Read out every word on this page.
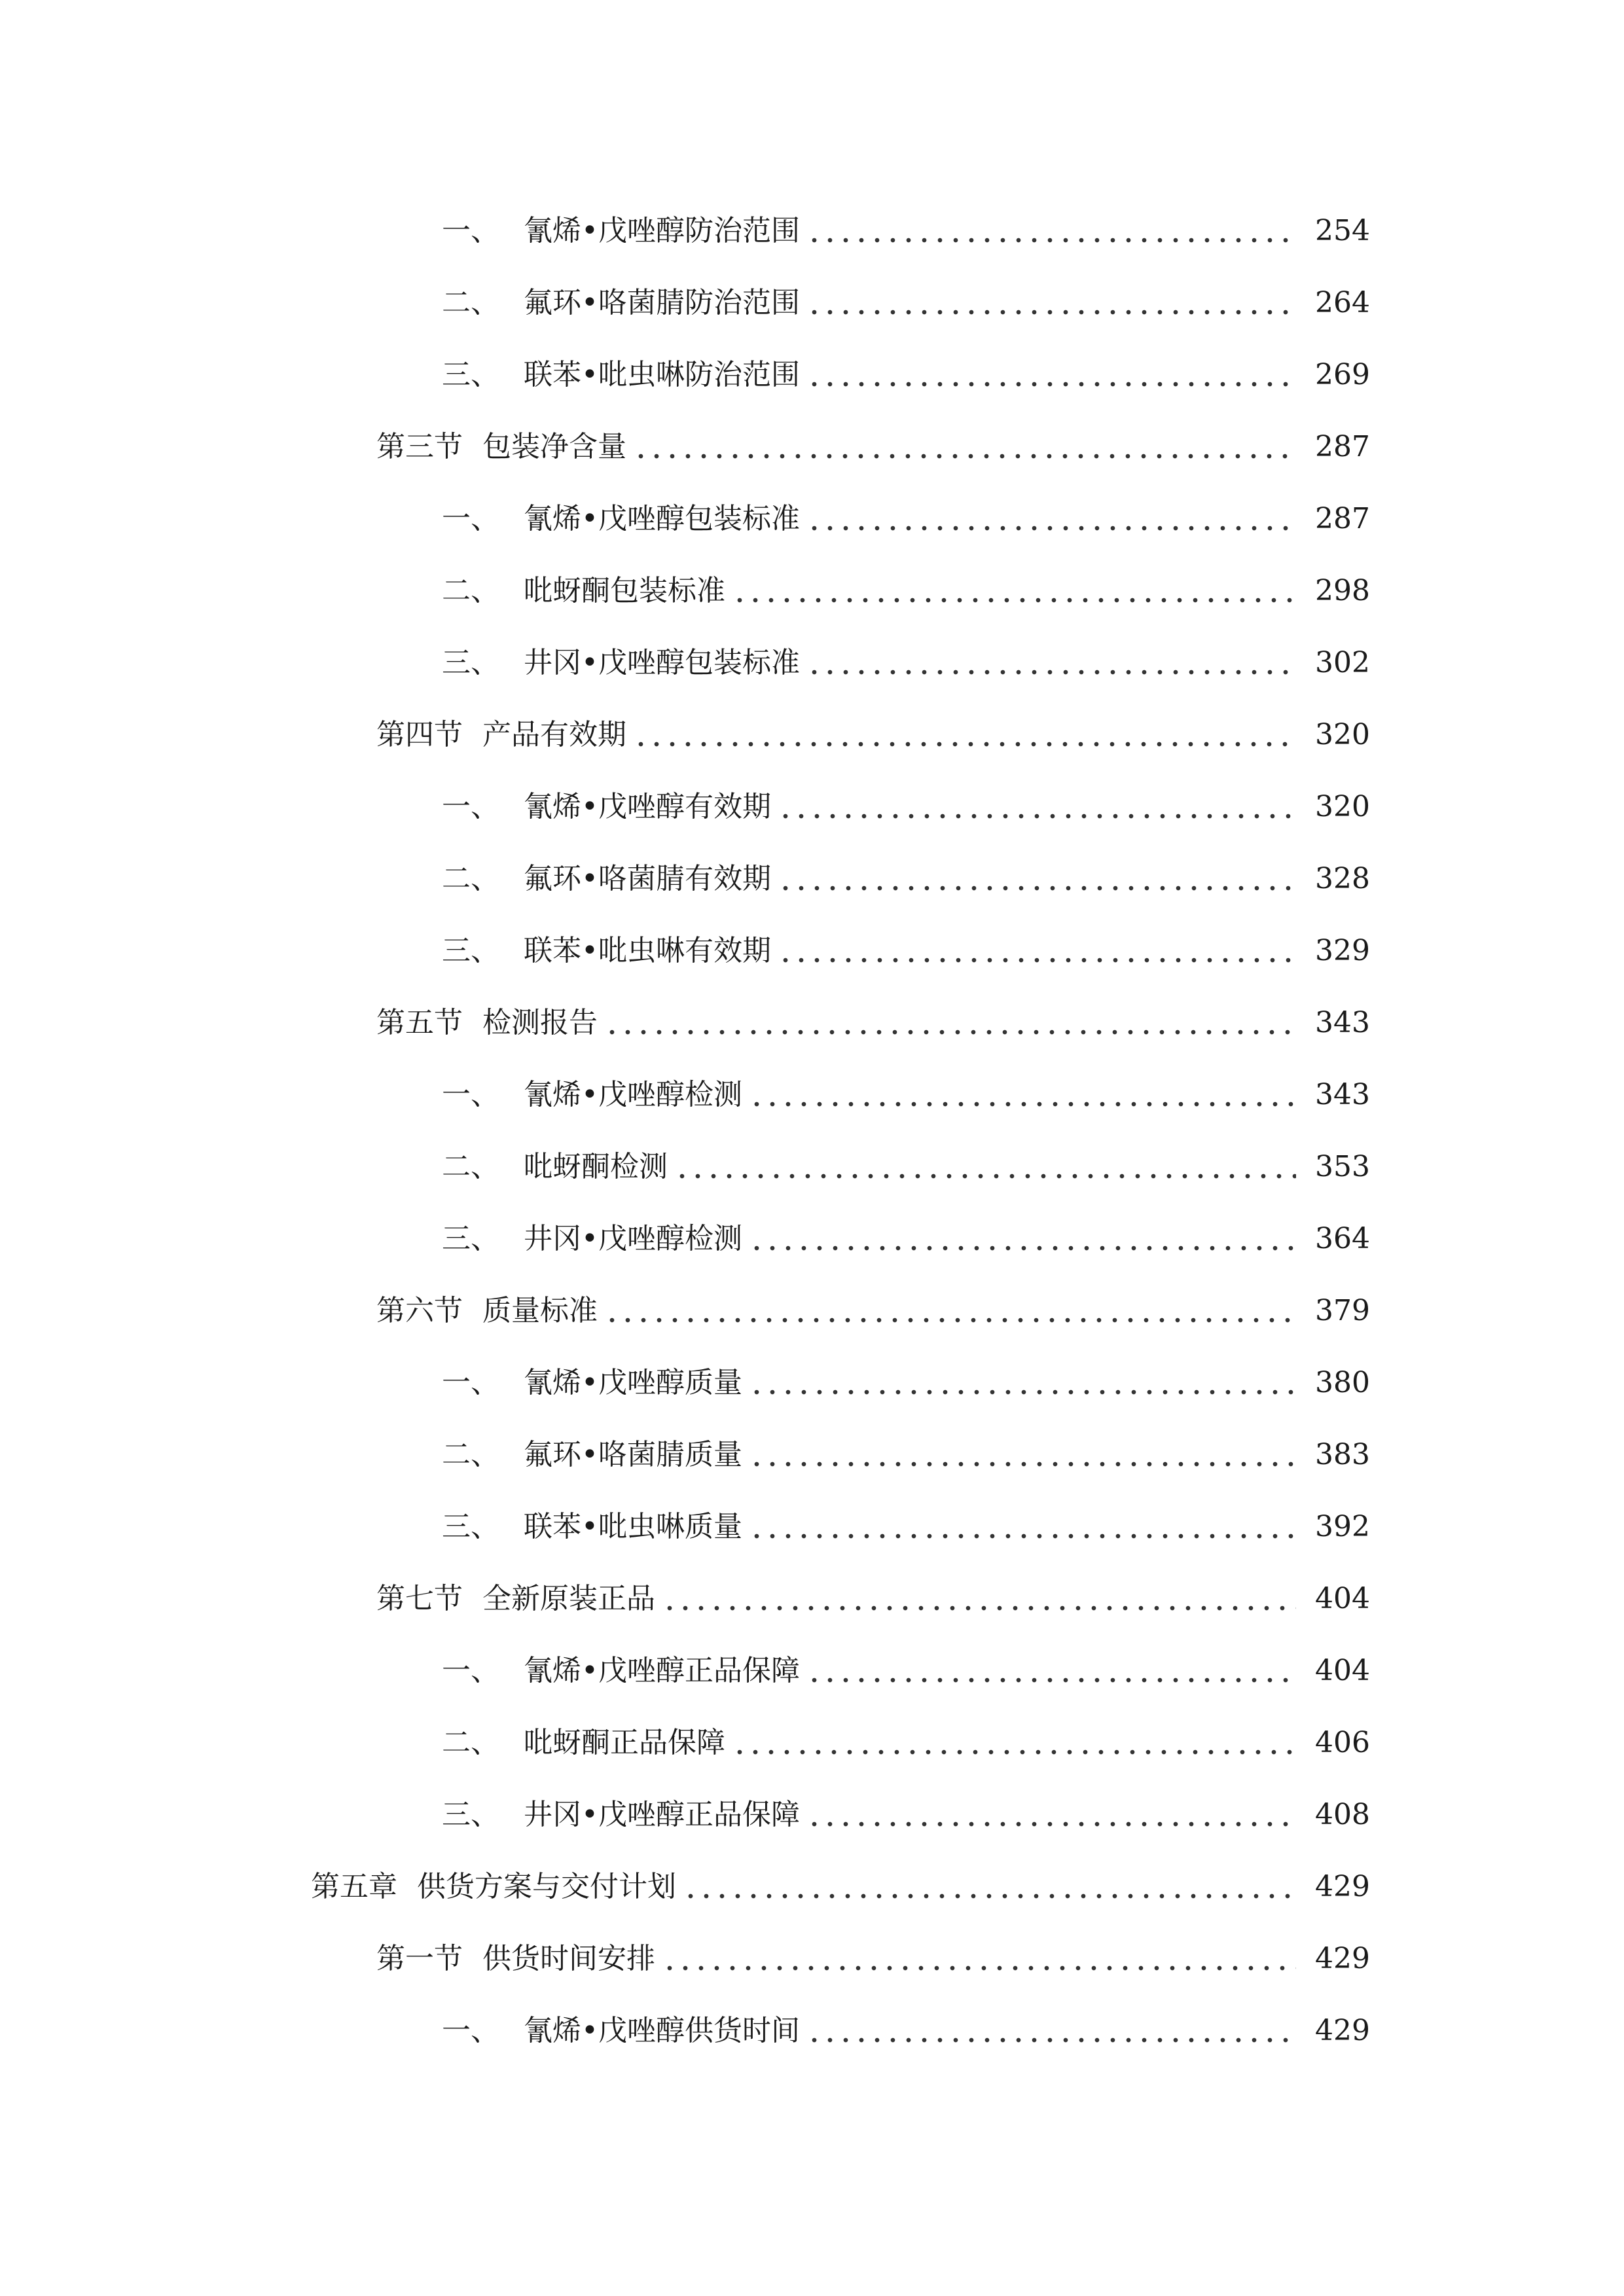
一、 氰烯•戊唑醇防治范围	254
二、 氟环•咯菌腈防治范围	264
三、 联苯•吡虫啉防治范围	269
第三节 包装净含量	287
一、 氰烯•戊唑醇包装标准	287
二、 吡蚜酮包装标准	298
三、 井冈•戊唑醇包装标准	302
第四节 产品有效期	320
一、 氰烯•戊唑醇有效期	320
二、 氟环•咯菌腈有效期	328
三、 联苯•吡虫啉有效期	329
第五节 检测报告	343
一、 氰烯•戊唑醇检测	343
二、 吡蚜酮检测	353
三、 井冈•戊唑醇检测	364
第六节 质量标准	379
一、 氰烯•戊唑醇质量	380
二、 氟环•咯菌腈质量	383
三、 联苯•吡虫啉质量	392
第七节 全新原装正品	404
一、 氰烯•戊唑醇正品保障	404
二、 吡蚜酮正品保障	406
三、 井冈•戊唑醇正品保障	408
第五章 供货方案与交付计划	429
第一节 供货时间安排	429
一、 氰烯•戊唑醇供货时间	429
